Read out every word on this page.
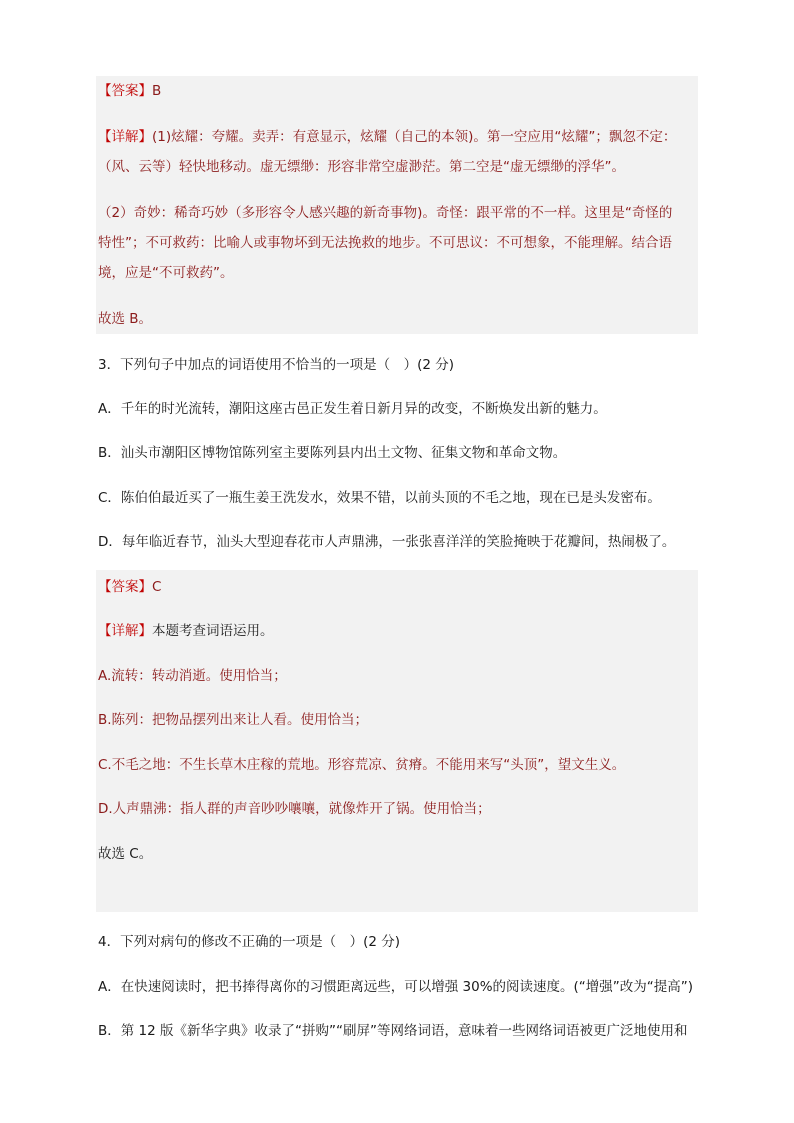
【答案】B
【详解】(1)炫耀：夸耀。卖弄：有意显示，炫耀（自己的本领)。第一空应用“炫耀”；飘忽不定：
（风、云等）轻快地移动。虚无缥缈：形容非常空虚渺茫。第二空是“虚无缥缈的浮华”。
（2）奇妙：稀奇巧妙（多形容令人感兴趣的新奇事物)。奇怪：跟平常的不一样。这里是“奇怪的
特性”；不可救药：比喻人或事物坏到无法挽救的地步。不可思议：不可想象，不能理解。结合语
境，应是“不可救药”。
故选 B。
3．下列句子中加点的词语使用不恰当的一项是（　）(2 分)
A．千年的时光流转，潮阳这座古邑正发生着日新月异的改变，不断焕发出新的魅力。
B．汕头市潮阳区博物馆陈列室主要陈列县内出土文物、征集文物和革命文物。
C．陈伯伯最近买了一瓶生姜王洗发水，效果不错，以前头顶的不毛之地，现在已是头发密布。
D．每年临近春节，汕头大型迎春花市人声鼎沸，一张张喜洋洋的笑脸掩映于花瓣间，热闹极了。
【答案】C
【详解】本题考查词语运用。
A.流转：转动消逝。使用恰当；
B.陈列：把物品摆列出来让人看。使用恰当；
C.不毛之地：不生长草木庄稼的荒地。形容荒凉、贫瘠。不能用来写“头顶”，望文生义。
D.人声鼎沸：指人群的声音吵吵嚷嚷，就像炸开了锅。使用恰当；
故选 C。
4．下列对病句的修改不正确的一项是（　）(2 分)
A．在快速阅读时，把书捧得离你的习惯距离远些，可以增强 30%的阅读速度。(“增强”改为“提高”)
B．第 12 版《新华字典》收录了“拼购”“刷屏”等网络词语，意味着一些网络词语被更广泛地使用和
